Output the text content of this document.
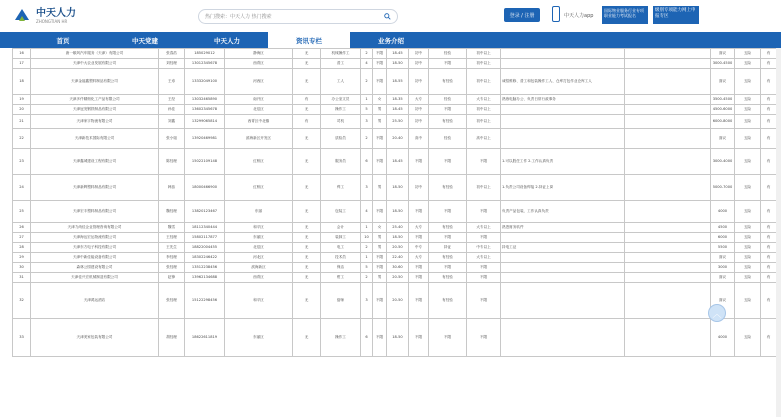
中天人力
ZHONGTIAN HR
热门搜索：中天人力 热门搜索	登录 / 注册	中天人力app
国际物业服务行业专项职业能力考试报名
级别专项能力网上申报专区
首页	中天党建	中天人力	资讯专栏	业务介绍
16	唐一顺风汽车服务（天津）有限公司	张春浩	185029012	静海区	无	机械操作工	2	不限	18-45	初中	经验	初中以上			面议	五险	有
17	天津中大农业发展有限公司	刘经理	13012345678	西青区	无	普工	4	不限	18-50	初中	不限	初中以上			3000-4500	五险	有
18	天津金福鑫塑料制品有限公司	王寿	13332049100	河西区	无	工人	2	不限	18-55	初中	有经验	初中以上	诚招维修、普工和包装操作工人、仓库打包作业仓库工人		面议	五险	有
19	天津多仟精细化工产品有限公司	王经	13032465890	南开区	有	办公室文员	1	女	18-35	大专	经验	大专以上	熟练电脑办公、负责日常行政事务		3500-4500	五险	有
20	天津冠发钢铁制品有限公司	孙佳	13602345678	北辰区	无	操作工	5	男	18-45	初中	不限	初中以上			4500-6000	五险	有
21	天津家宇物流有限公司	刘鑫	13299065814	西青区中北镇	有	司机	3	男	25-50	初中	有经验	初中以上			6000-8000	五险	有
22	天津新技术国际有限公司	张小姐	13920469981	滨海新区开发区	无	质检员	2	不限	20-40	高中	经验	高中以上			面议	五险	有
23	天津鑫城建设工程有限公司	陈经理	15022109148	红桥区	无	服务员	6	不限	18-45	不限	不限	不限	1.可以胜任工作 2.工作认真负责		3000-4000	五险	有
24	天津新辉塑料制品有限公司	韩蕊	18000466900	红桥区	无	焊工	3	男	18-50	初中	有经验	初中以上	1.负责公司设备焊接 2.持证上岗		5000-7000	五险	有
25	天津宏丰塑料制品有限公司	魏经理	13820123467	东丽	无	包装工	4	不限	18-50	不限	不限	不限	负责产品包装，工作认真负责		4000	五险	有
26	天津力尚佳企业管理咨询有限公司	魏雪	18112340444	和平区	无	会计	1	女	25-40	大专	有经验	大专以上	熟悉财务软件		4500	五险	有
27	天津海达宏运物流有限公司	王经理	15802117877	东丽区	无	装卸工	10	男	18-50	不限	不限	不限			6000	五险	有
28	天津东方电子科技有限公司	王先生	18822004455	北辰区	无	电工	2	男	20-50	中专	持证	中专以上	持电工证		5500	五险	有
29	天津中新佳能设备有限公司	李经理	18302246422	河北区	无	技术员	1	不限	22-40	大专	有经验	大专以上			面议	五险	有
30	森林公园建设有限公司	张经理	13512238456	滨海新区	无	保洁	5	不限	30-60	不限	不限	不限			3000	五险	有
31	天津佳兴宏机械制造有限公司	赵锋	13962134688	西青区	无	钳工	2	男	20-50	不限	有经验	不限			面议	五险	有
32	天津鸿运酒店	张经理	15122298456	和平区	无	厨师	3	不限	20-50	不限	有经验	不限			面议	五险	有
33	天津美家包装有限公司	胡经理	18622611819	东丽区	无	操作工	6	不限	18-50	不限	不限	不限			4000	五险	有
︿
